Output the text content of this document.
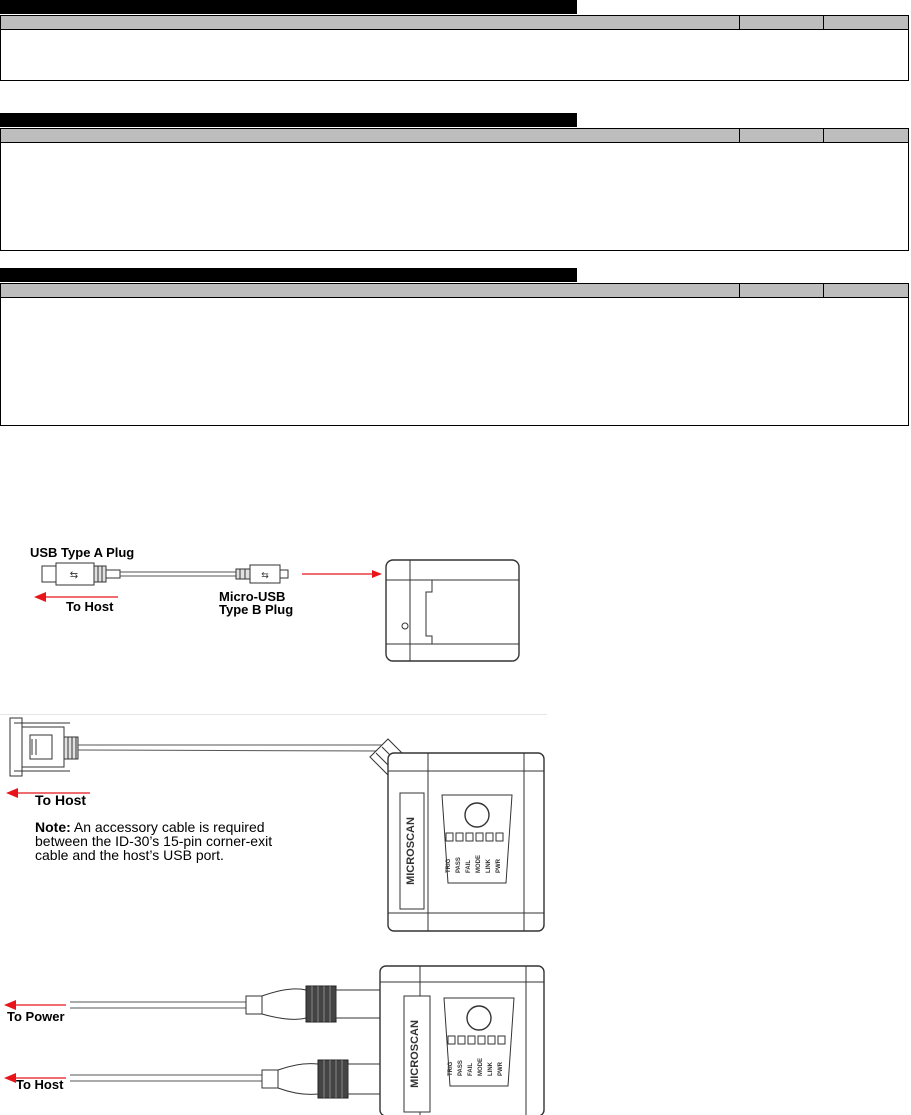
USB Type A Plug
To Host
Micro-USB
Type B Plug
⇆	⇆
To Host
Note: An accessory cable is required
between the ID-30’s 15-pin corner-exit
cable and the host’s USB port.	MICROSCAN	TRIG PASS FAIL MODE LINK PWR
To Power
To Host	MICROSCAN	TRIG PASS FAIL MODE LINK PWR
